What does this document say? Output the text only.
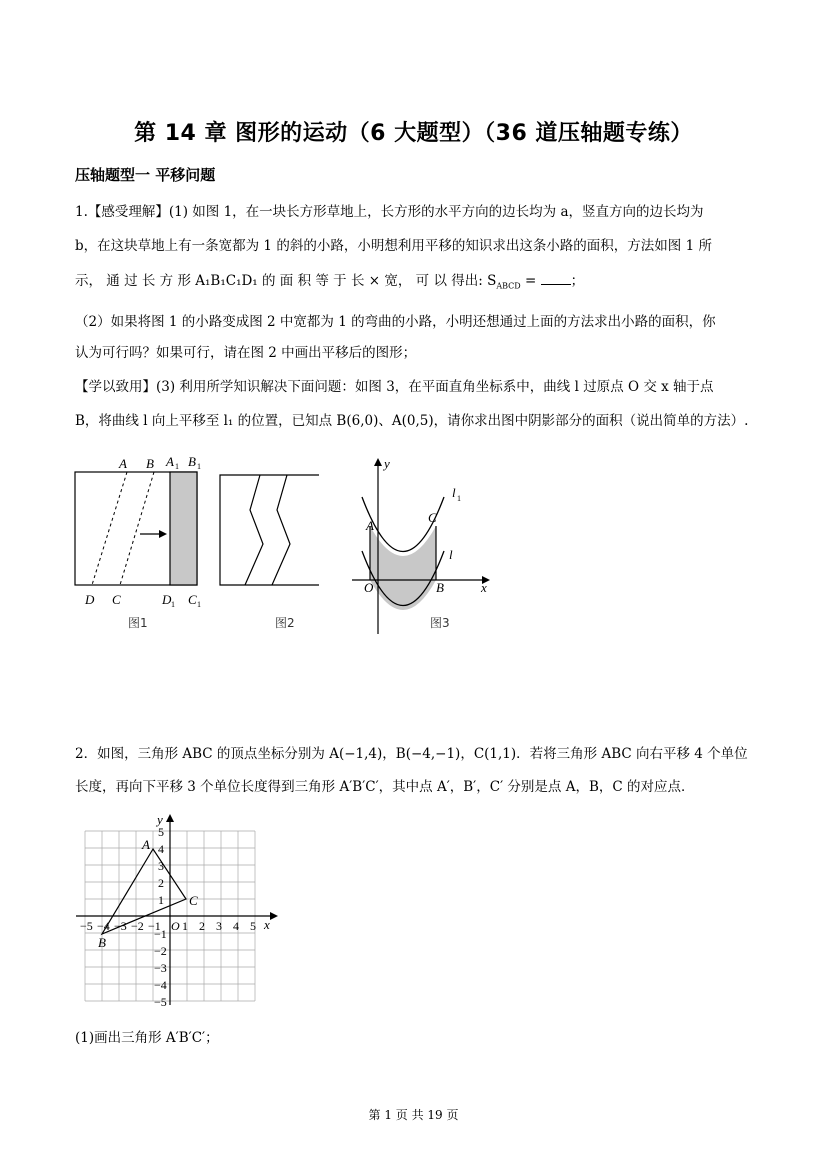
第 14 章 图形的运动（6 大题型）（36 道压轴题专练）
压轴题型一 平移问题
1.【感受理解】(1) 如图 1，在一块长方形草地上，长方形的水平方向的边长均为 a，竖直方向的边长均为
b，在这块草地上有一条宽都为 1 的斜的小路，小明想利用平移的知识求出这条小路的面积，方法如图 1 所
示， 通 过 长 方 形 A₁B₁C₁D₁ 的 面 积 等 于 长 × 宽， 可 以 得出: $S_{ABCD}$ = ；
（2）如果将图 1 的小路变成图 2 中宽都为 1 的弯曲的小路，小明还想通过上面的方法求出小路的面积，你
认为可行吗？如果可行，请在图 2 中画出平移后的图形；
【学以致用】(3) 利用所学知识解决下面问题：如图 3，在平面直角坐标系中，曲线 l 过原点 O 交 x 轴于点
B，将曲线 l 向上平移至 l₁ 的位置，已知点 B(6,0)、A(0,5)，请你求出图中阴影部分的面积（说出简单的方法）.
A B A 1 B 1
D C	D 1 C 1
图1	图2
y
x
l 1
l
A
C
O	B
图3
2．如图，三角形 ABC 的顶点坐标分别为 A(−1,4)，B(−4,−1)，C(1,1)．若将三角形 ABC 向右平移 4 个单位
长度，再向下平移 3 个单位长度得到三角形 A′B′C′，其中点 A′，B′，C′ 分别是点 A，B，C 的对应点．
−5 −4 −3 −2 −1 O 1 2 3 4 5
5
4
3
2
1
−1
−2
−3
−4
−5
x
y
A
B
C
(1)画出三角形 A′B′C′；
第 1 页 共 19 页
